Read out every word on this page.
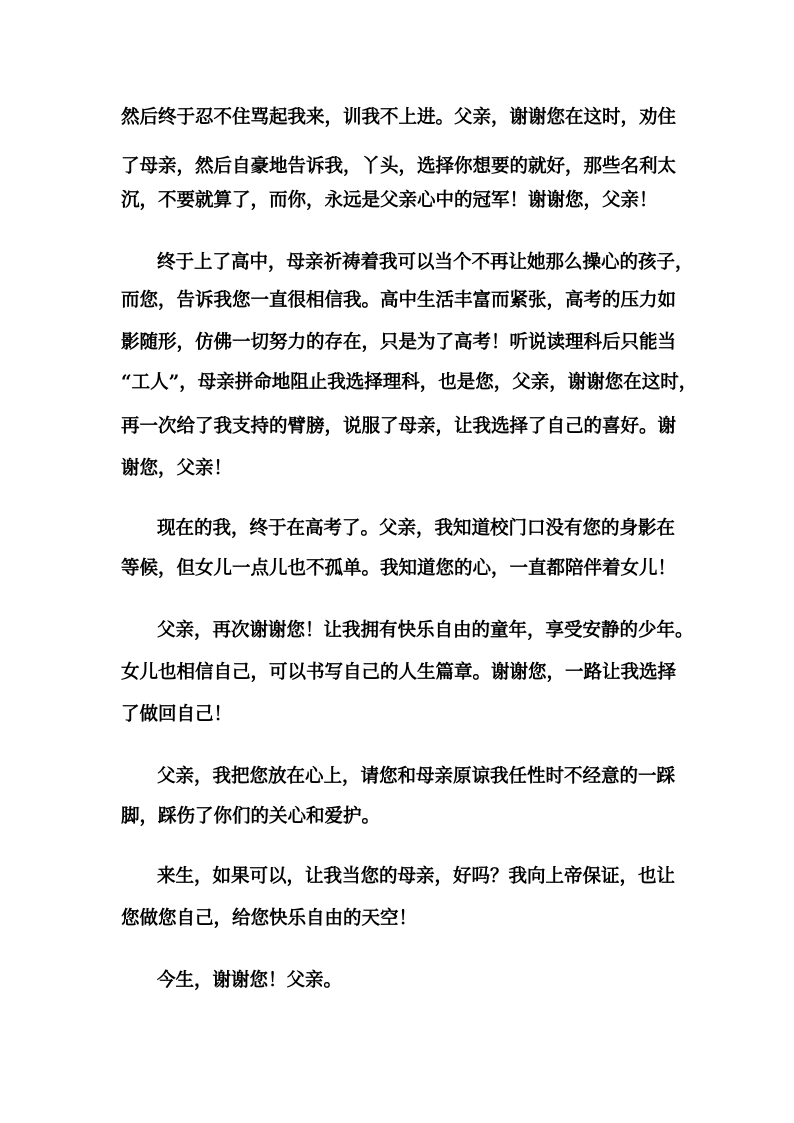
然后终于忍不住骂起我来，训我不上进。父亲，谢谢您在这时，劝住
了母亲，然后自豪地告诉我，丫头，选择你想要的就好，那些名利太
沉，不要就算了，而你，永远是父亲心中的冠军！谢谢您，父亲！
终于上了高中，母亲祈祷着我可以当个不再让她那么操心的孩子，
而您，告诉我您一直很相信我。高中生活丰富而紧张，高考的压力如
影随形，仿佛一切努力的存在，只是为了高考！听说读理科后只能当
“工人”，母亲拼命地阻止我选择理科，也是您，父亲，谢谢您在这时，
再一次给了我支持的臂膀，说服了母亲，让我选择了自己的喜好。谢
谢您，父亲！
现在的我，终于在高考了。父亲，我知道校门口没有您的身影在
等候，但女儿一点儿也不孤单。我知道您的心，一直都陪伴着女儿！
父亲，再次谢谢您！让我拥有快乐自由的童年，享受安静的少年。
女儿也相信自己，可以书写自己的人生篇章。谢谢您，一路让我选择
了做回自己！
父亲，我把您放在心上，请您和母亲原谅我任性时不经意的一踩
脚，踩伤了你们的关心和爱护。
来生，如果可以，让我当您的母亲，好吗？我向上帝保证，也让
您做您自己，给您快乐自由的天空！
今生，谢谢您！父亲。
